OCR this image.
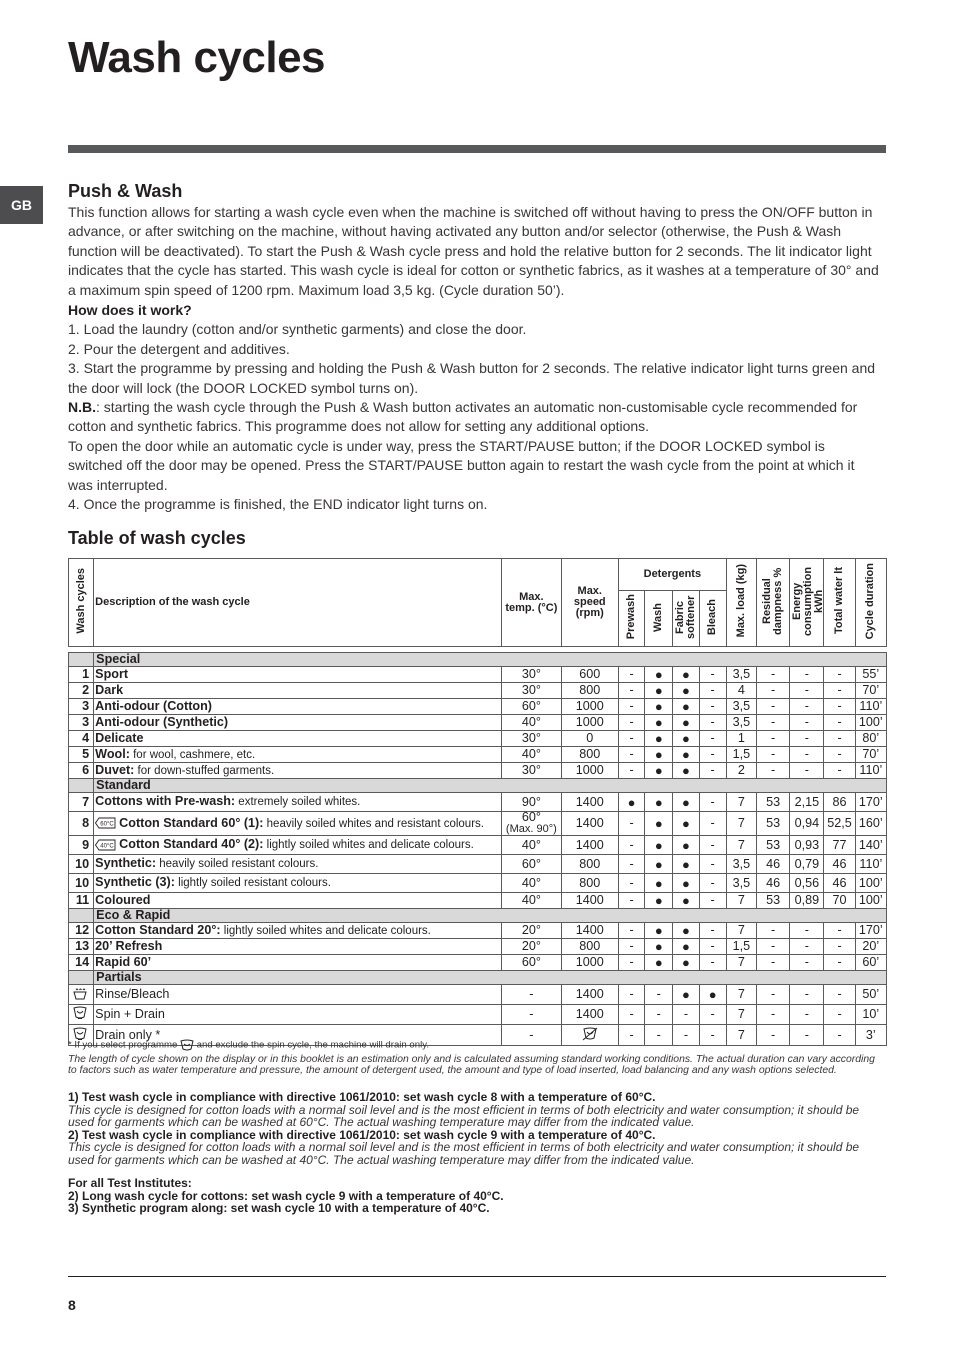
Wash cycles
GB
Push & Wash

This function allows for starting a wash cycle even when the machine is switched off without having to press the ON/OFF button in advance, or after switching on the machine, without having activated any button and/or selector (otherwise, the Push & Wash function will be deactivated). To start the Push & Wash cycle press and hold the relative button for 2 seconds. The lit indicator light indicates that the cycle has started. This wash cycle is ideal for cotton or synthetic fabrics, as it washes at a temperature of 30° and a maximum spin speed of 1200 rpm. Maximum load 3,5 kg. (Cycle duration 50’).

How does it work?

1. Load the laundry (cotton and/or synthetic garments) and close the door.

2. Pour the detergent and additives.

3. Start the programme by pressing and holding the Push & Wash button for 2 seconds. The relative indicator light turns green and the door will lock (the DOOR LOCKED symbol turns on).

N.B.: starting the wash cycle through the Push & Wash button activates an automatic non-customisable cycle recommended for cotton and synthetic fabrics. This programme does not allow for setting any additional options.

To open the door while an automatic cycle is under way, press the START/PAUSE button; if the DOOR LOCKED symbol is switched off the door may be opened. Press the START/PAUSE button again to restart the wash cycle from the point at which it was interrupted.

4. Once the programme is finished, the END indicator light turns on.

Table of wash cycles
Wash cycles	Description of the wash cycle	Max. temp. (°C)	Max. speed (rpm)	Detergents				Max. load (kg)	Residual dampness %	Energy consumption kWh	Total water lt	Cycle duration
				Prewash	Wash	Fabric softener	Bleach					

	Special											
1	Sport	30°	600	-	●	●	-	3,5	-	-	-	55’
2	Dark	30°	800	-	●	●	-	4	-	-	-	70’
3	Anti-odour (Cotton)	60°	1000	-	●	●	-	3,5	-	-	-	110’
3	Anti-odour (Synthetic)	40°	1000	-	●	●	-	3,5	-	-	-	100’
4	Delicate	30°	0	-	●	●	-	1	-	-	-	80’
5	Wool: for wool, cashmere, etc.	40°	800	-	●	●	-	1,5	-	-	-	70’
6	Duvet: for down-stuffed garments.	30°	1000	-	●	●	-	2	-	-	-	110’
	Standard											
7	Cottons with Pre-wash: extremely soiled whites.	90°	1400	●	●	●	-	7	53	2,15	86	170’
8	60°C Cotton Standard 60° (1): heavily soiled whites and resistant colours.	60°
(Max. 90°)	1400	-	●	●	-	7	53	0,94	52,5	160’
9	40°C Cotton Standard 40° (2): lightly soiled whites and delicate colours.	40°	1400	-	●	●	-	7	53	0,93	77	140’
10	Synthetic: heavily soiled resistant colours.	60°	800	-	●	●	-	3,5	46	0,79	46	110’
10	Synthetic (3): lightly soiled resistant colours.	40°	800	-	●	●	-	3,5	46	0,56	46	100’
11	Coloured	40°	1400	-	●	●	-	7	53	0,89	70	100’
	Eco & Rapid											
12	Cotton Standard 20°: lightly soiled whites and delicate colours.	20°	1400	-	●	●	-	7	-	-	-	170’
13	20’ Refresh	20°	800	-	●	●	-	1,5	-	-	-	20’
14	Rapid 60’	60°	1000	-	●	●	-	7	-	-	-	60’
	Partials											
	Rinse/Bleach	-	1400	-	-	●	●	7	-	-	-	50’
	Spin + Drain	-	1400	-	-	-	-	7	-	-	-	10’
	Drain only *	-		-	-	-	-	7	-	-	-	3’
* If you select programme and exclude the spin cycle, the machine will drain only.
The length of cycle shown on the display or in this booklet is an estimation only and is calculated assuming standard working conditions. The actual duration can vary according to factors such as water temperature and pressure, the amount of detergent used, the amount and type of load inserted, load balancing and any wash options selected.

1) Test wash cycle in compliance with directive 1061/2010: set wash cycle 8 with a temperature of 60°C.

This cycle is designed for cotton loads with a normal soil level and is the most efficient in terms of both electricity and water consumption; it should be used for garments which can be washed at 60°C. The actual washing temperature may differ from the indicated value.

2) Test wash cycle in compliance with directive 1061/2010: set wash cycle 9 with a temperature of 40°C.

This cycle is designed for cotton loads with a normal soil level and is the most efficient in terms of both electricity and water consumption; it should be used for garments which can be washed at 40°C. The actual washing temperature may differ from the indicated value.

For all Test Institutes:

2) Long wash cycle for cottons: set wash cycle 9 with a temperature of 40°C.

3) Synthetic program along: set wash cycle 10 with a temperature of 40°C.

8
